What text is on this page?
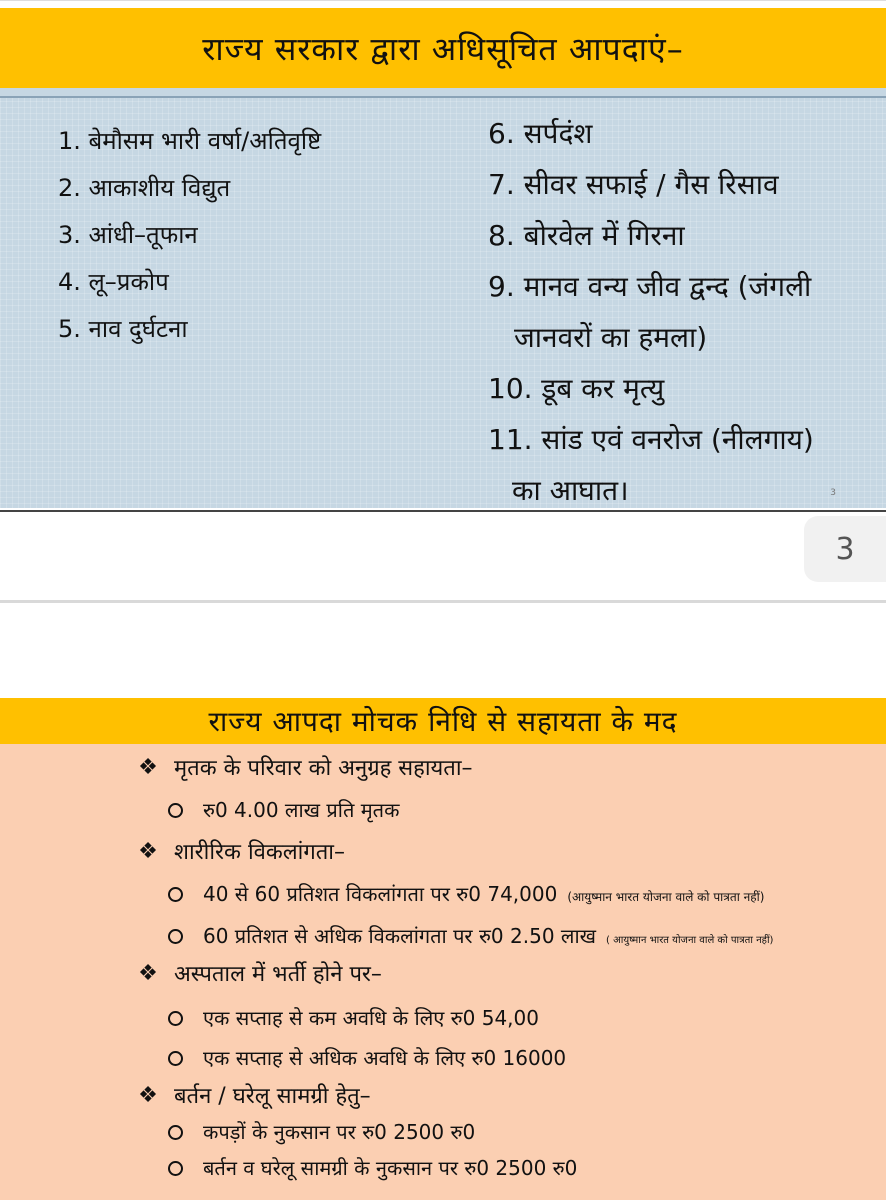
राज्य सरकार द्वारा अधिसूचित आपदाएं–
1. बेमौसम भारी वर्षा/अतिवृष्टि
2. आकाशीय विद्युत
3. आंधी–तूफान
4. लू–प्रकोप
5. नाव दुर्घटना
6. सर्पदंश
7. सीवर सफाई / गैस रिसाव
8. बोरवेल में गिरना
9. मानव वन्य जीव द्वन्द (जंगली
जानवरों का हमला)
10. डूब कर मृत्यु
11. सांड एवं वनरोज (नीलगाय)
का आघात।	3
3
राज्य आपदा मोचक निधि से सहायता के मद
❖ मृतक के परिवार को अनुग्रह सहायता–
रु0 4.00 लाख प्रति मृतक
❖ शारीरिक विकलांगता–
40 से 60 प्रतिशत विकलांगता पर रु0 74,000 (आयुष्मान भारत योजना वाले को पात्रता नहीं)
60 प्रतिशत से अधिक विकलांगता पर रु0 2.50 लाख ( आयुष्मान भारत योजना वाले को पात्रता नहीं)
❖ अस्पताल में भर्ती होने पर–
एक सप्ताह से कम अवधि के लिए रु0 54,00
एक सप्ताह से अधिक अवधि के लिए रु0 16000
❖ बर्तन / घरेलू सामग्री हेतु–
कपड़ों के नुकसान पर रु0 2500 रु0
बर्तन व घरेलू सामग्री के नुकसान पर रु0 2500 रु0
